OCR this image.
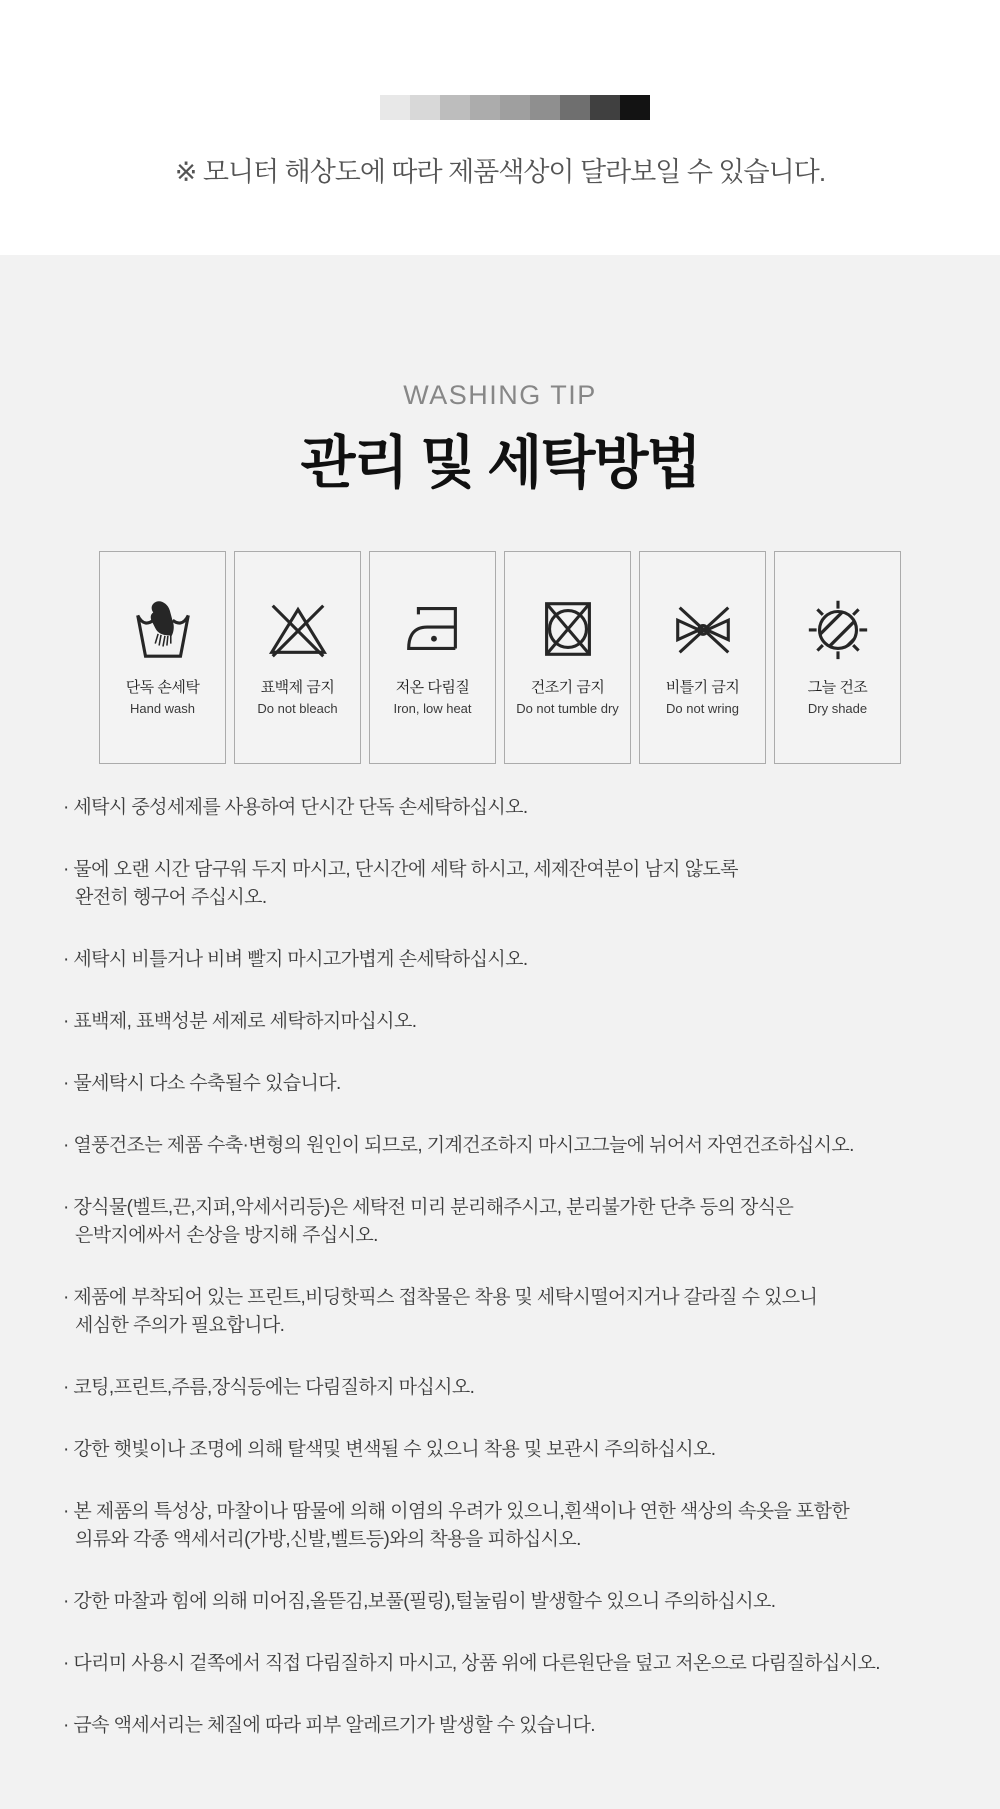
※ 모니터 해상도에 따라 제품색상이 달라보일 수 있습니다.
WASHING TIP
관리 및 세탁방법
단독 손세탁
Hand wash
표백제 금지
Do not bleach
저온 다림질
Iron, low heat
건조기 금지
Do not tumble dry
비틀기 금지
Do not wring
그늘 건조
Dry shade
· 세탁시 중성세제를 사용하여 단시간 단독 손세탁하십시오.
· 물에 오랜 시간 담구워 두지 마시고, 단시간에 세탁 하시고, 세제잔여분이 남지 않도록
완전히 헹구어 주십시오.
· 세탁시 비틀거나 비벼 빨지 마시고가볍게 손세탁하십시오.
· 표백제, 표백성분 세제로 세탁하지마십시오.
· 물세탁시 다소 수축될수 있습니다.
· 열풍건조는 제품 수축·변형의 원인이 되므로, 기계건조하지 마시고그늘에 뉘어서 자연건조하십시오.
· 장식물(벨트,끈,지퍼,악세서리등)은 세탁전 미리 분리해주시고, 분리불가한 단추 등의 장식은
은박지에싸서 손상을 방지해 주십시오.
· 제품에 부착되어 있는 프린트,비딩핫픽스 접착물은 착용 및 세탁시떨어지거나 갈라질 수 있으니
세심한 주의가 필요합니다.
· 코팅,프린트,주름,장식등에는 다림질하지 마십시오.
· 강한 햇빛이나 조명에 의해 탈색및 변색될 수 있으니 착용 및 보관시 주의하십시오.
· 본 제품의 특성상, 마찰이나 땀물에 의해 이염의 우려가 있으니,흰색이나 연한 색상의 속옷을 포함한
의류와 각종 액세서리(가방,신발,벨트등)와의 착용을 피하십시오.
· 강한 마찰과 힘에 의해 미어짐,올뜯김,보풀(필링),털눌림이 발생할수 있으니 주의하십시오.
· 다리미 사용시 겉쪽에서 직접 다림질하지 마시고, 상품 위에 다른원단을 덮고 저온으로 다림질하십시오.
· 금속 액세서리는 체질에 따라 피부 알레르기가 발생할 수 있습니다.
